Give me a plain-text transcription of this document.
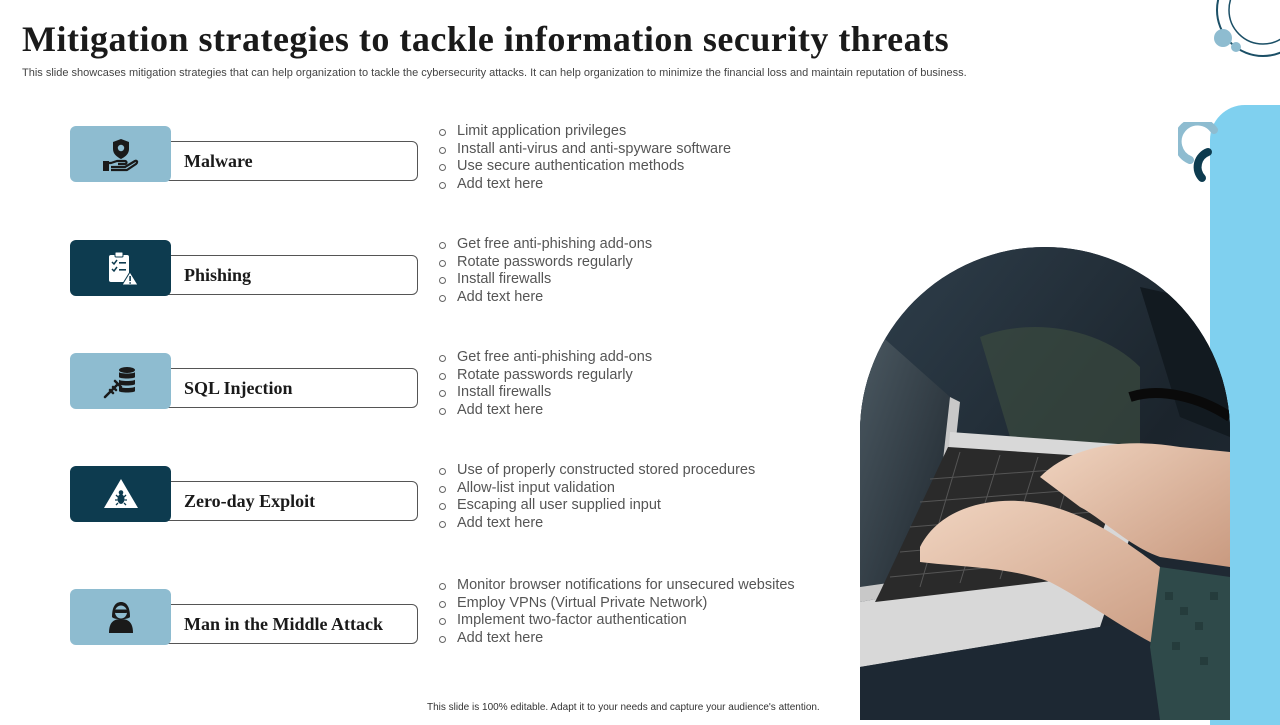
Mitigation strategies to tackle information security threats

This slide showcases mitigation strategies that can help organization to tackle the cybersecurity attacks. It can help organization to minimize the financial loss and maintain reputation of business.

Malware
Limit application privileges
Install anti-virus and anti-spyware software
Use secure authentication methods
Add text here
Phishing
Get free anti-phishing add-ons
Rotate passwords regularly
Install firewalls
Add text here
SQL Injection
Get free anti-phishing add-ons
Rotate passwords regularly
Install firewalls
Add text here
Zero-day Exploit
Use of properly constructed stored procedures
Allow-list input validation
Escaping all user supplied input
Add text here
Man in the Middle Attack
Monitor browser notifications for unsecured websites
Employ VPNs (Virtual Private Network)
Implement two-factor authentication
Add text here
This slide is 100% editable. Adapt it to your needs and capture your audience's attention.
